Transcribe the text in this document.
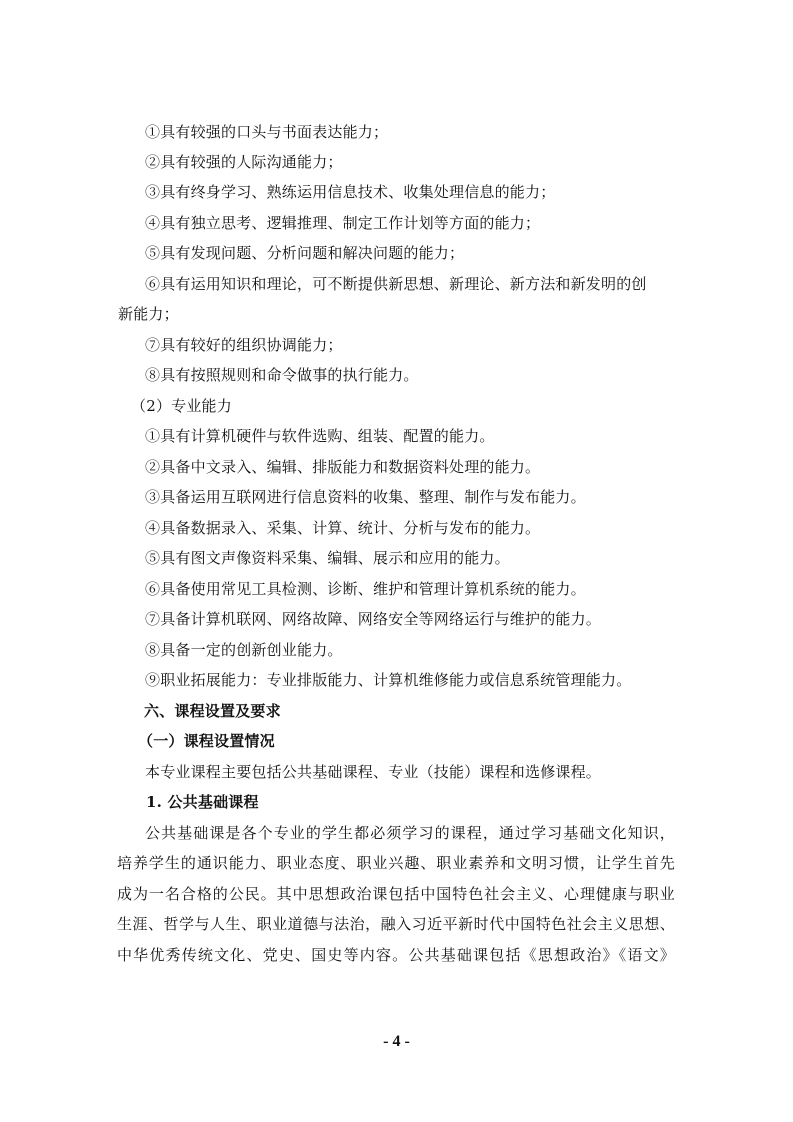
①具有较强的口头与书面表达能力；
②具有较强的人际沟通能力；
③具有终身学习、熟练运用信息技术、收集处理信息的能力；
④具有独立思考、逻辑推理、制定工作计划等方面的能力；
⑤具有发现问题、分析问题和解决问题的能力；
⑥具有运用知识和理论，可不断提供新思想、新理论、新方法和新发明的创
新能力；
⑦具有较好的组织协调能力；
⑧具有按照规则和命令做事的执行能力。
（2）专业能力
①具有计算机硬件与软件选购、组装、配置的能力。
②具备中文录入、编辑、排版能力和数据资料处理的能力。
③具备运用互联网进行信息资料的收集、整理、制作与发布能力。
④具备数据录入、采集、计算、统计、分析与发布的能力。
⑤具有图文声像资料采集、编辑、展示和应用的能力。
⑥具备使用常见工具检测、诊断、维护和管理计算机系统的能力。
⑦具备计算机联网、网络故障、网络安全等网络运行与维护的能力。
⑧具备一定的创新创业能力。
⑨职业拓展能力：专业排版能力、计算机维修能力或信息系统管理能力。
六、课程设置及要求
（一）课程设置情况
本专业课程主要包括公共基础课程、专业（技能）课程和选修课程。
1. 公共基础课程
公共基础课是各个专业的学生都必须学习的课程，通过学习基础文化知识，
培养学生的通识能力、职业态度、职业兴趣、职业素养和文明习惯，让学生首先
成为一名合格的公民。其中思想政治课包括中国特色社会主义、心理健康与职业
生涯、哲学与人生、职业道德与法治，融入习近平新时代中国特色社会主义思想、
中华优秀传统文化、党史、国史等内容。公共基础课包括《思想政治》《语文》
- 4 -
